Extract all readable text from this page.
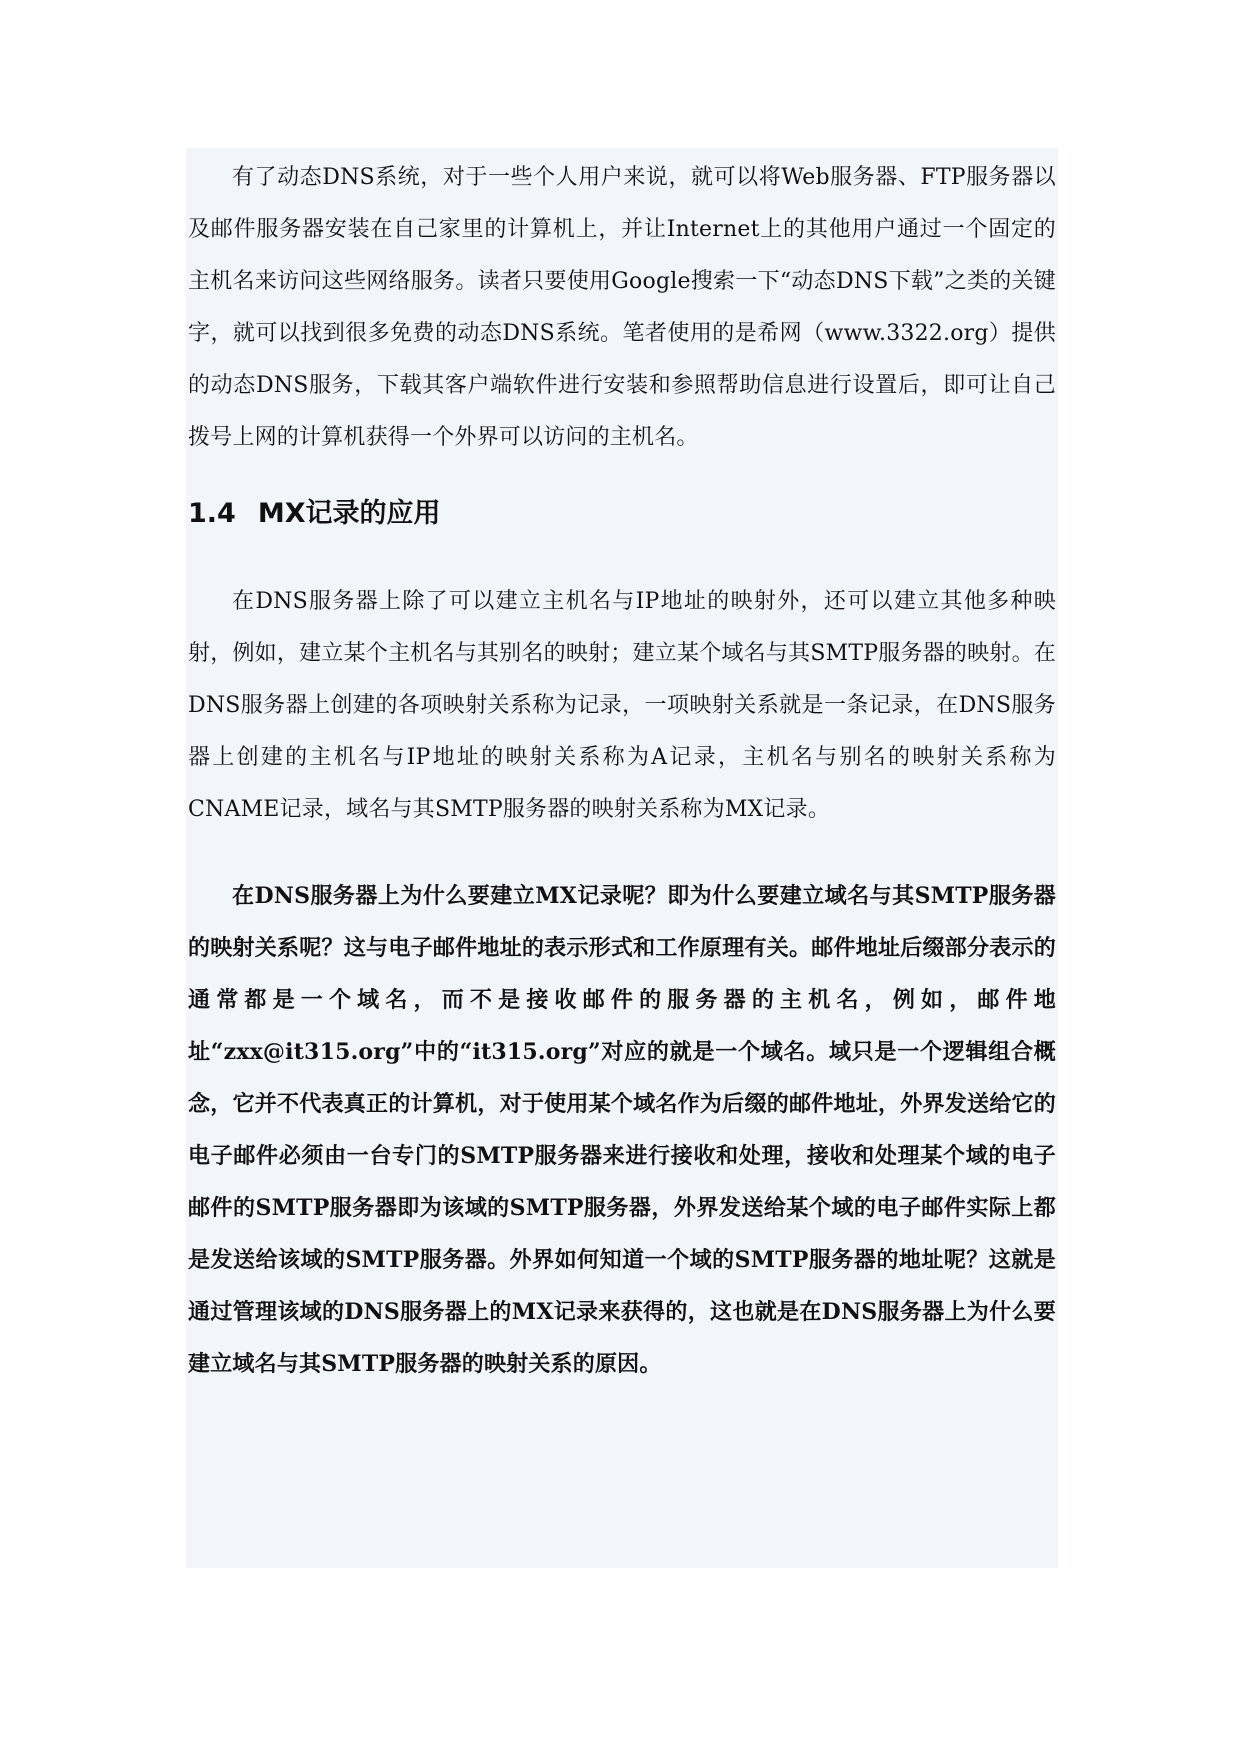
有了动态DNS系统，对于一些个人用户来说，就可以将Web服务器、FTP服务器以及邮件服务器安装在自己家里的计算机上，并让Internet上的其他用户通过一个固定的主机名来访问这些网络服务。读者只要使用Google搜索一下“动态DNS下载”之类的关键字，就可以找到很多免费的动态DNS系统。笔者使用的是希网（www.3322.org）提供的动态DNS服务，下载其客户端软件进行安装和参照帮助信息进行设置后，即可让自己拨号上网的计算机获得一个外界可以访问的主机名。

1.4 MX记录的应用

在DNS服务器上除了可以建立主机名与IP地址的映射外，还可以建立其他多种映射，例如，建立某个主机名与其别名的映射；建立某个域名与其SMTP服务器的映射。在DNS服务器上创建的各项映射关系称为记录，一项映射关系就是一条记录，在DNS服务器上创建的主机名与IP地址的映射关系称为A记录，主机名与别名的映射关系称为CNAME记录，域名与其SMTP服务器的映射关系称为MX记录。

在DNS服务器上为什么要建立MX记录呢？即为什么要建立域名与其SMTP服务器的映射关系呢？这与电子邮件地址的表示形式和工作原理有关。邮件地址后缀部分表示的通常都是一个域名，而不是接收邮件的服务器的主机名，例如，邮件地址“zxx@it315.org”中的“it315.org”对应的就是一个域名。域只是一个逻辑组合概念，它并不代表真正的计算机，对于使用某个域名作为后缀的邮件地址，外界发送给它的电子邮件必须由一台专门的SMTP服务器来进行接收和处理，接收和处理某个域的电子邮件的SMTP服务器即为该域的SMTP服务器，外界发送给某个域的电子邮件实际上都是发送给该域的SMTP服务器。外界如何知道一个域的SMTP服务器的地址呢？这就是通过管理该域的DNS服务器上的MX记录来获得的，这也就是在DNS服务器上为什么要建立域名与其SMTP服务器的映射关系的原因。
